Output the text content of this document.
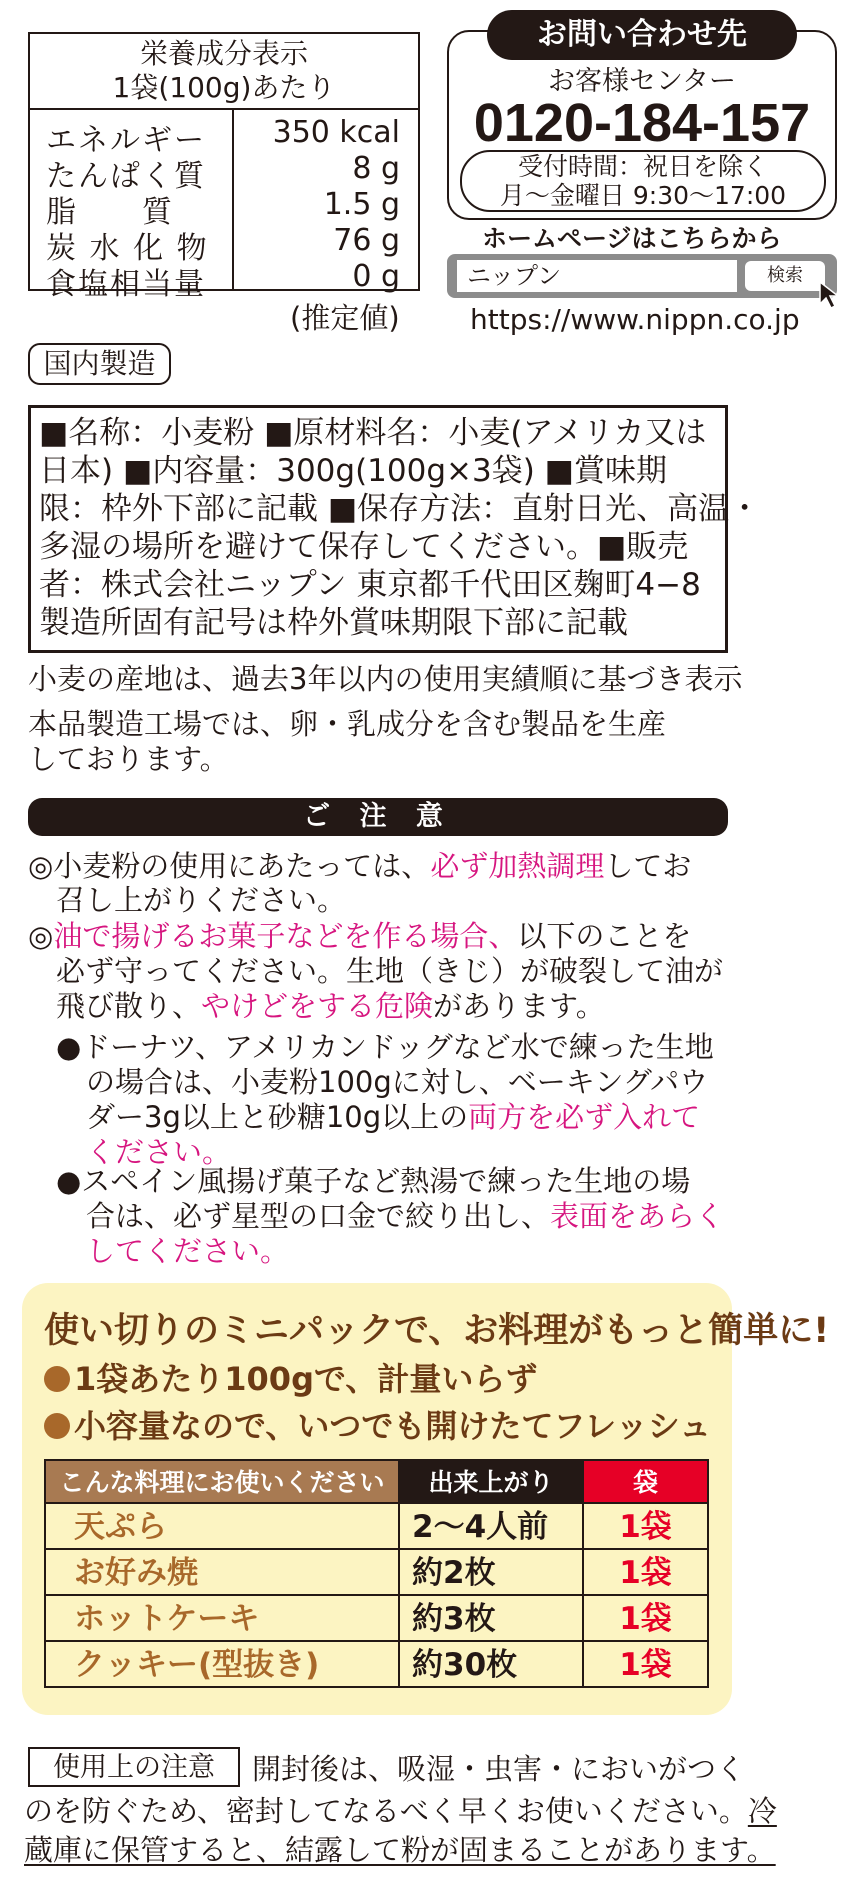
栄養成分表示
1袋(100g)あたり
エネルギー	350 kcal
たんぱく質	8 g
脂　　質	1.5 g
炭 水 化 物	76 g
食塩相当量	0 g
(推定値)
お問い合わせ先
お客様センター
0120-184-157
受付時間：祝日を除く
月～金曜日 9:30～17:00
ホームページはこちらから
ニップン	検索
https://www.nippn.co.jp
国内製造
■名称：小麦粉 ■原材料名：小麦(アメリカ又は
日本) ■内容量：300g(100g×3袋) ■賞味期
限：枠外下部に記載 ■保存方法：直射日光、高温・
多湿の場所を避けて保存してください。■販売
者：株式会社ニップン 東京都千代田区麹町4−8
製造所固有記号は枠外賞味期限下部に記載
小麦の産地は、過去3年以内の使用実績順に基づき表示
本品製造工場では、卵・乳成分を含む製品を生産
しております。
ご 注 意
◎小麦粉の使用にあたっては、必ず加熱調理してお
召し上がりください。
◎油で揚げるお菓子などを作る場合、以下のことを
必ず守ってください。生地（きじ）が破裂して油が
飛び散り、やけどをする危険があります。
●ドーナツ、アメリカンドッグなど水で練った生地
の場合は、小麦粉100gに対し、ベーキングパウ
ダー3g以上と砂糖10g以上の両方を必ず入れて
ください。
●スペイン風揚げ菓子など熱湯で練った生地の場
合は、必ず星型の口金で絞り出し、表面をあらく
してください。
使い切りのミニパックで、お料理がもっと簡単に!
1袋あたり100gで、計量いらず
小容量なので、いつでも開けたてフレッシュ
こんな料理にお使いください	出来上がり	袋
天ぷら	2～4人前	1袋
お好み焼	約2枚	1袋
ホットケーキ	約3枚	1袋
クッキー(型抜き)	約30枚	1袋
使用上の注意	開封後は、吸湿・虫害・においがつく
のを防ぐため、密封してなるべく早くお使いください。冷
蔵庫に保管すると、結露して粉が固まることがあります。
